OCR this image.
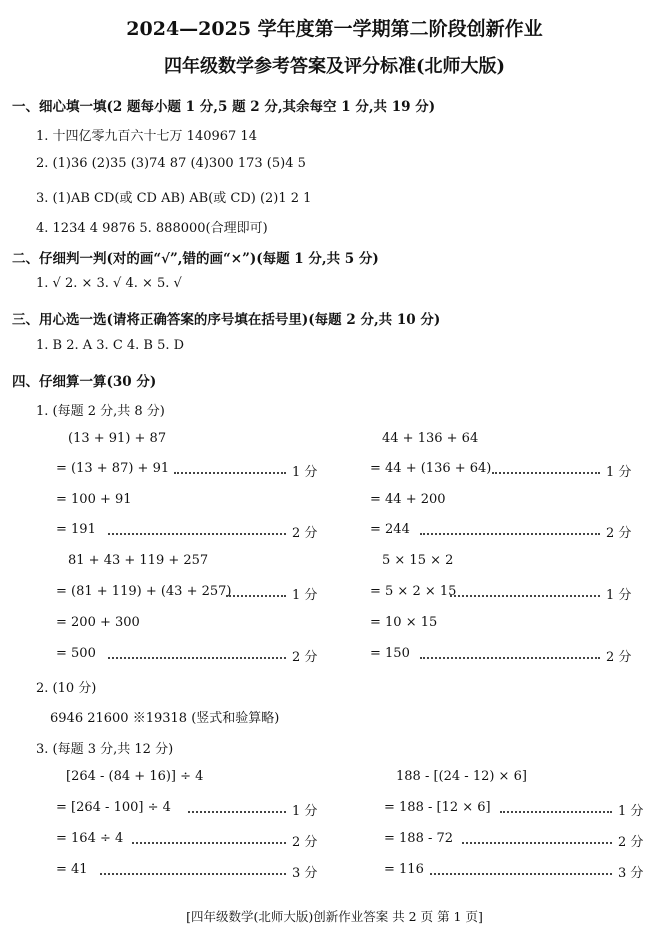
2024—2025 学年度第一学期第二阶段创新作业
四年级数学参考答案及评分标准(北师大版)
一、细心填一填(2 题每小题 1 分,5 题 2 分,其余每空 1 分,共 19 分)
1. 十四亿零九百六十七万 140967 14
2. (1)36 (2)35 (3)74 87 (4)300 173 (5)4 5
3. (1)AB CD(或 CD AB) AB(或 CD) (2)1 2 1
4. 1234 4 9876 5. 888000(合理即可)
二、仔细判一判(对的画“√”,错的画“×”)(每题 1 分,共 5 分)
1. √ 2. × 3. √ 4. × 5. √
三、用心选一选(请将正确答案的序号填在括号里)(每题 2 分,共 10 分)
1. B 2. A 3. C 4. B 5. D
四、仔细算一算(30 分)
1. (每题 2 分,共 8 分)
(13 + 91) + 87
= (13 + 87) + 91	1 分
= 100 + 91
= 191	2 分
44 + 136 + 64
= 44 + (136 + 64)	1 分
= 44 + 200
= 244	2 分
81 + 43 + 119 + 257
= (81 + 119) + (43 + 257)	1 分
= 200 + 300
= 500	2 分
5 × 15 × 2
= 5 × 2 × 15	1 分
= 10 × 15
= 150	2 分
2. (10 分)
6946 21600 ※19318 (竖式和验算略)
3. (每题 3 分,共 12 分)
[264 - (84 + 16)] ÷ 4
= [264 - 100] ÷ 4	1 分
= 164 ÷ 4	2 分
= 41	3 分
188 - [(24 - 12) × 6]
= 188 - [12 × 6]	1 分
= 188 - 72	2 分
= 116	3 分
[四年级数学(北师大版)创新作业答案 共 2 页 第 1 页]
